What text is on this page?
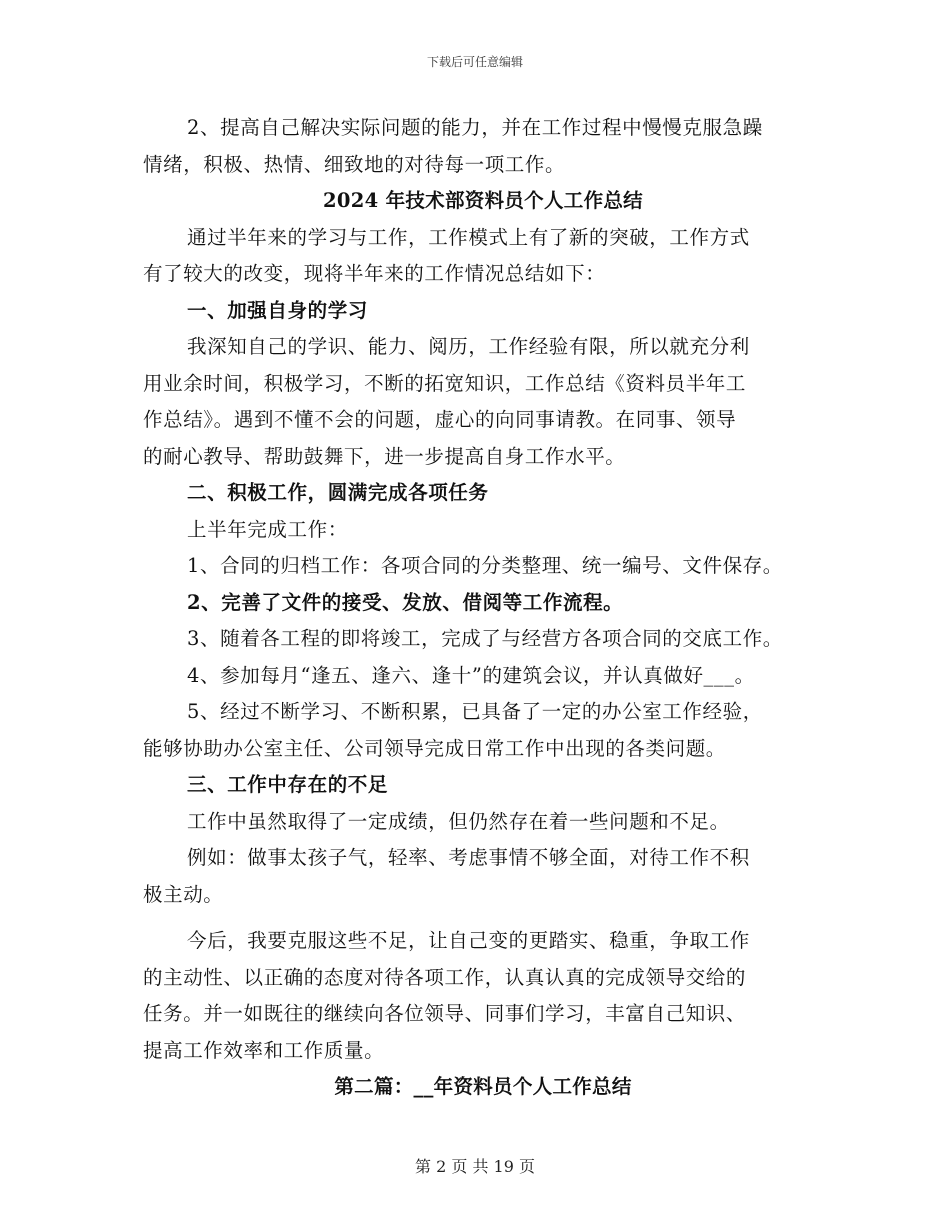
下载后可任意编辑
2、提高自己解决实际问题的能力，并在工作过程中慢慢克服急躁
情绪，积极、热情、细致地的对待每一项工作。
2024 年技术部资料员个人工作总结
通过半年来的学习与工作，工作模式上有了新的突破，工作方式
有了较大的改变，现将半年来的工作情况总结如下：
一、加强自身的学习
我深知自己的学识、能力、阅历，工作经验有限，所以就充分利
用业余时间，积极学习，不断的拓宽知识，工作总结《资料员半年工
作总结》。遇到不懂不会的问题，虚心的向同事请教。在同事、领导
的耐心教导、帮助鼓舞下，进一步提高自身工作水平。
二、积极工作，圆满完成各项任务
上半年完成工作：
1、合同的归档工作：各项合同的分类整理、统一编号、文件保存。
2、完善了文件的接受、发放、借阅等工作流程。
3、随着各工程的即将竣工，完成了与经营方各项合同的交底工作。
4、参加每月“逢五、逢六、逢十”的建筑会议，并认真做好___。
5、经过不断学习、不断积累，已具备了一定的办公室工作经验，
能够协助办公室主任、公司领导完成日常工作中出现的各类问题。
三、工作中存在的不足
工作中虽然取得了一定成绩，但仍然存在着一些问题和不足。
例如：做事太孩子气，轻率、考虑事情不够全面，对待工作不积
极主动。
今后，我要克服这些不足，让自己变的更踏实、稳重，争取工作
的主动性、以正确的态度对待各项工作，认真认真的完成领导交给的
任务。并一如既往的继续向各位领导、同事们学习，丰富自己知识、
提高工作效率和工作质量。
第二篇：__年资料员个人工作总结
第 2 页 共 19 页
